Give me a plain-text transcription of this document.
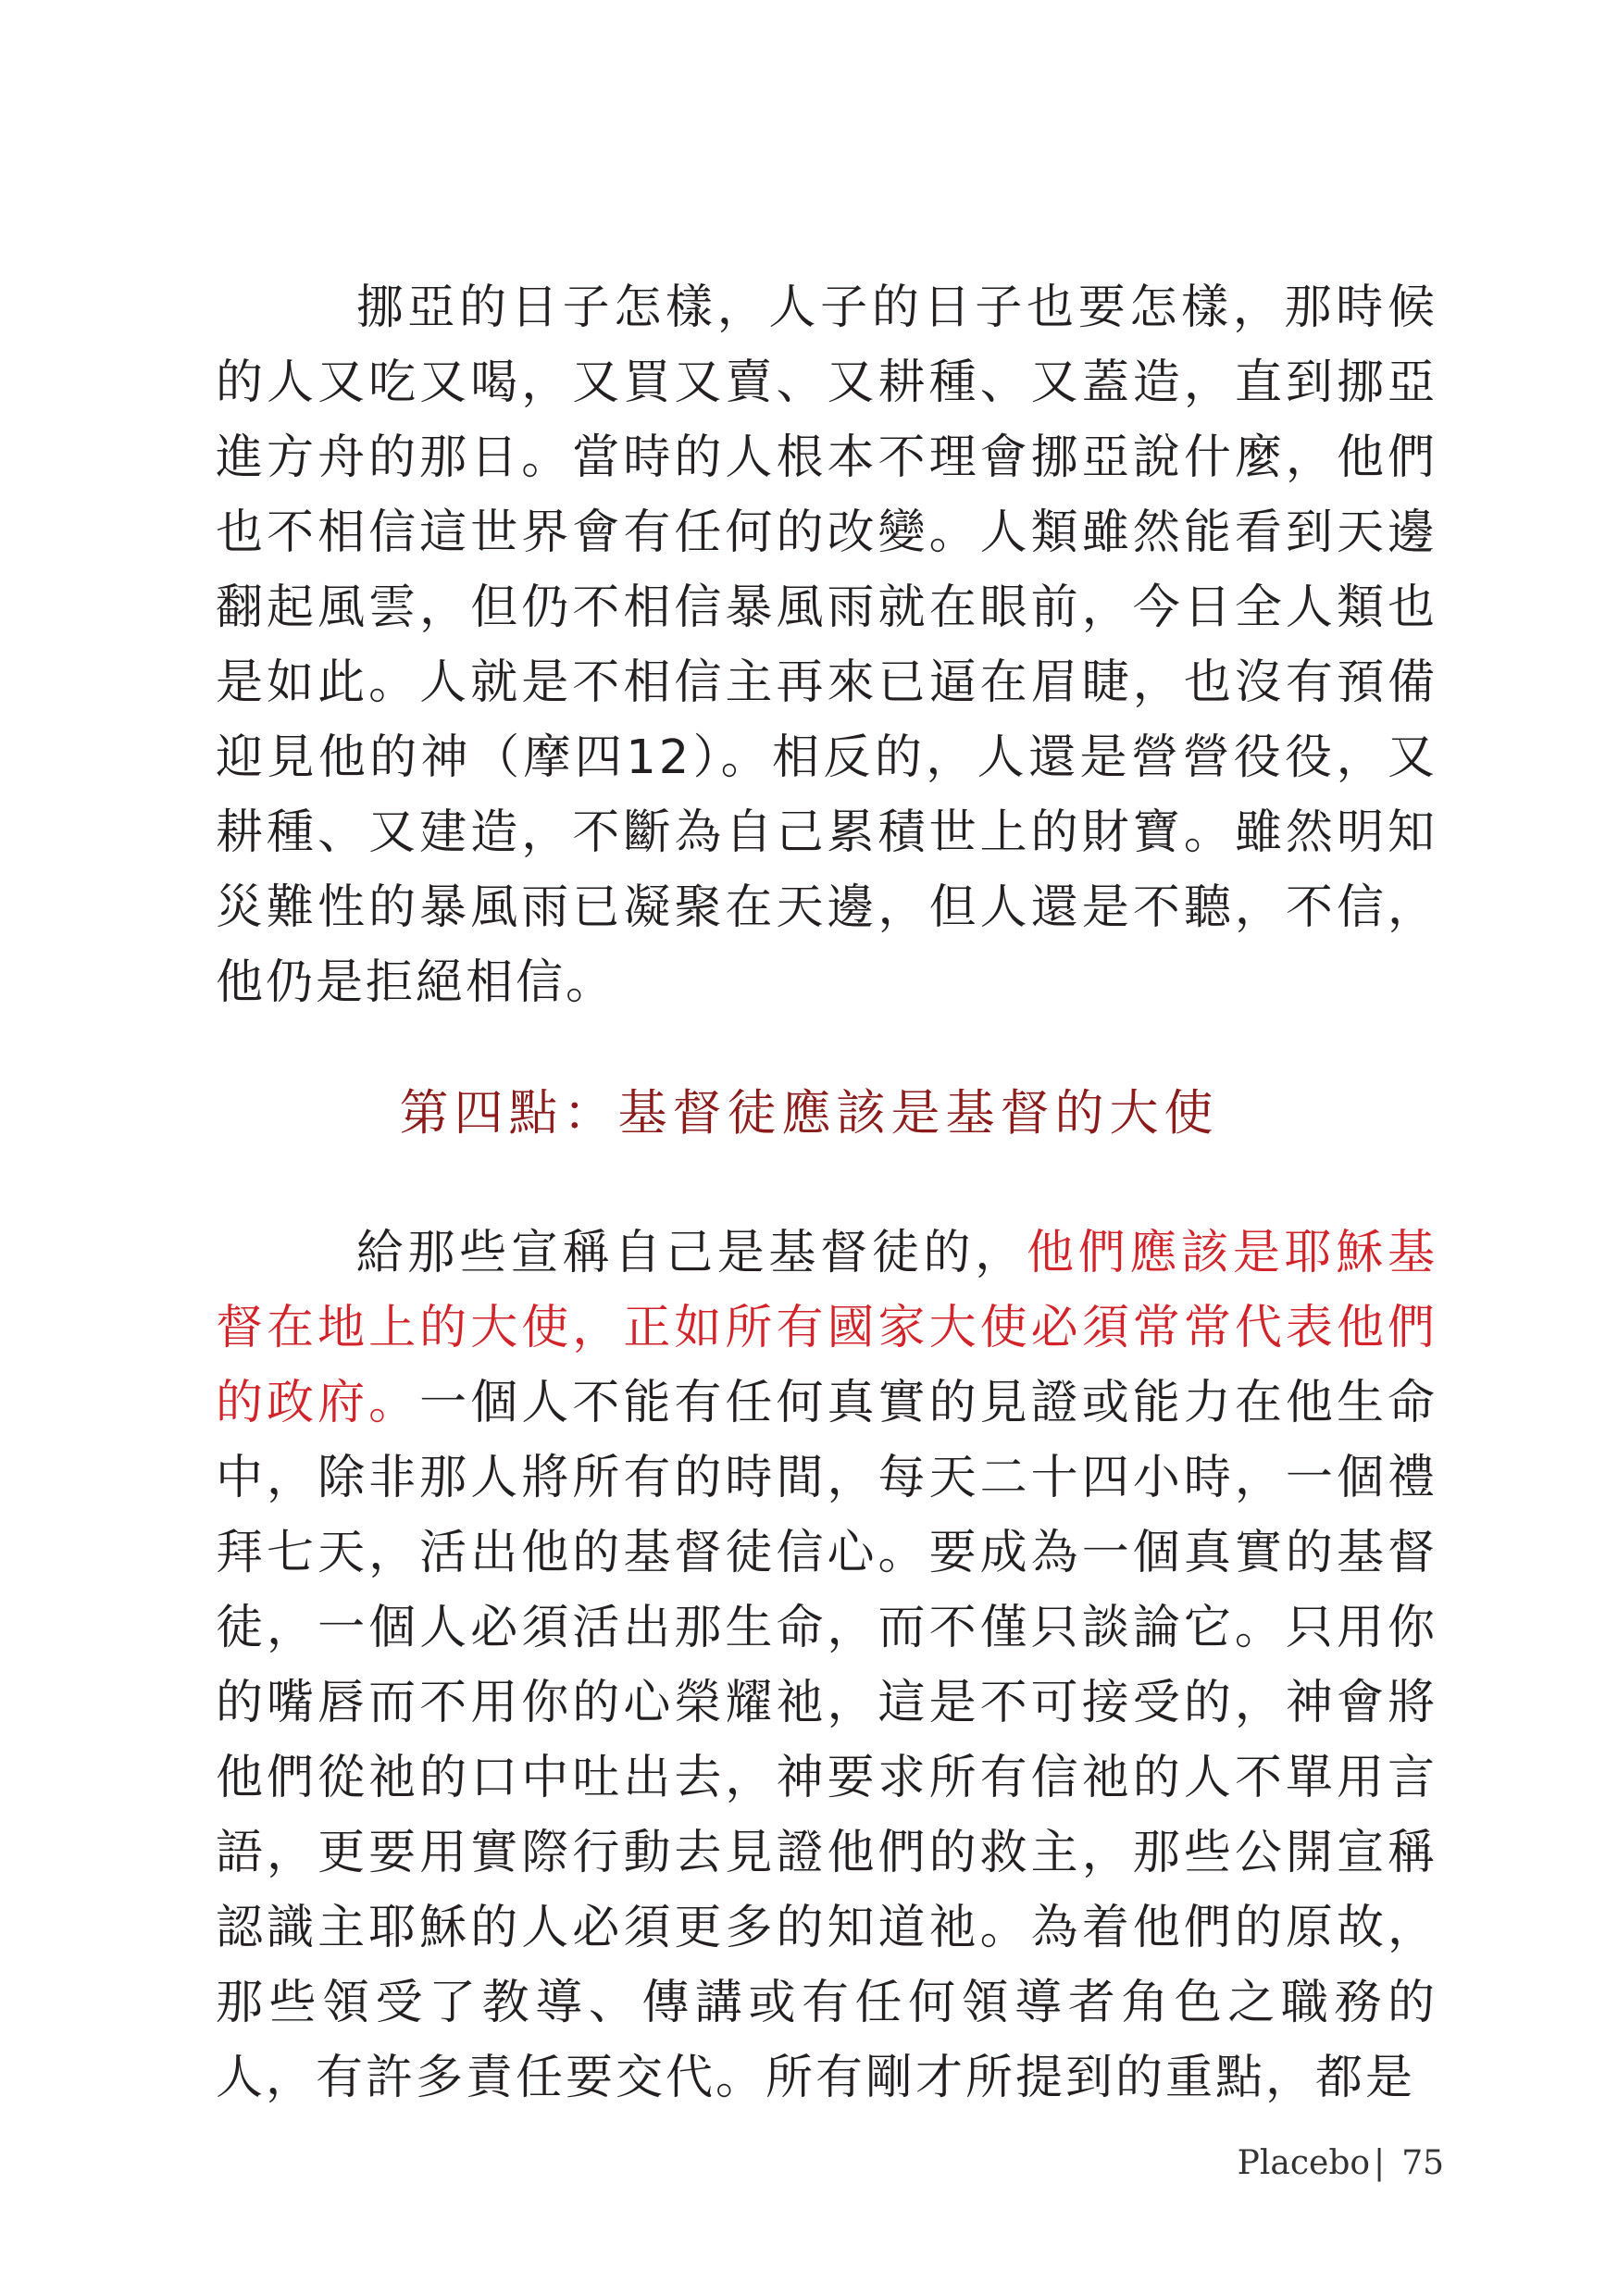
挪亞的日子怎樣，人子的日子也要怎樣，那時候的人又吃又喝，又買又賣、又耕種、又蓋造，直到挪亞進方舟的那日。當時的人根本不理會挪亞說什麼，他們也不相信這世界會有任何的改變。人類雖然能看到天邊翻起風雲，但仍不相信暴風雨就在眼前，今日全人類也是如此。人就是不相信主再來已逼在眉睫，也沒有預備迎見他的神（摩四12）。相反的，人還是營營役役，又耕種、又建造，不斷為自己累積世上的財寶。雖然明知災難性的暴風雨已凝聚在天邊，但人還是不聽，不信，他仍是拒絕相信。

第四點：基督徒應該是基督的大使

給那些宣稱自己是基督徒的，他們應該是耶穌基督在地上的大使，正如所有國家大使必須常常代表他們的政府。一個人不能有任何真實的見證或能力在他生命中，除非那人將所有的時間，每天二十四小時，一個禮拜七天，活出他的基督徒信心。要成為一個真實的基督徒，一個人必須活出那生命，而不僅只談論它。只用你的嘴唇而不用你的心榮耀祂，這是不可接受的，神會將他們從祂的口中吐出去，神要求所有信祂的人不單用言語，更要用實際行動去見證他們的救主，那些公開宣稱認識主耶穌的人必須更多的知道祂。為着他們的原故，那些領受了教導、傳講或有任何領導者角色之職務的人，有許多責任要交代。所有剛才所提到的重點，都是

Placebo | 75
